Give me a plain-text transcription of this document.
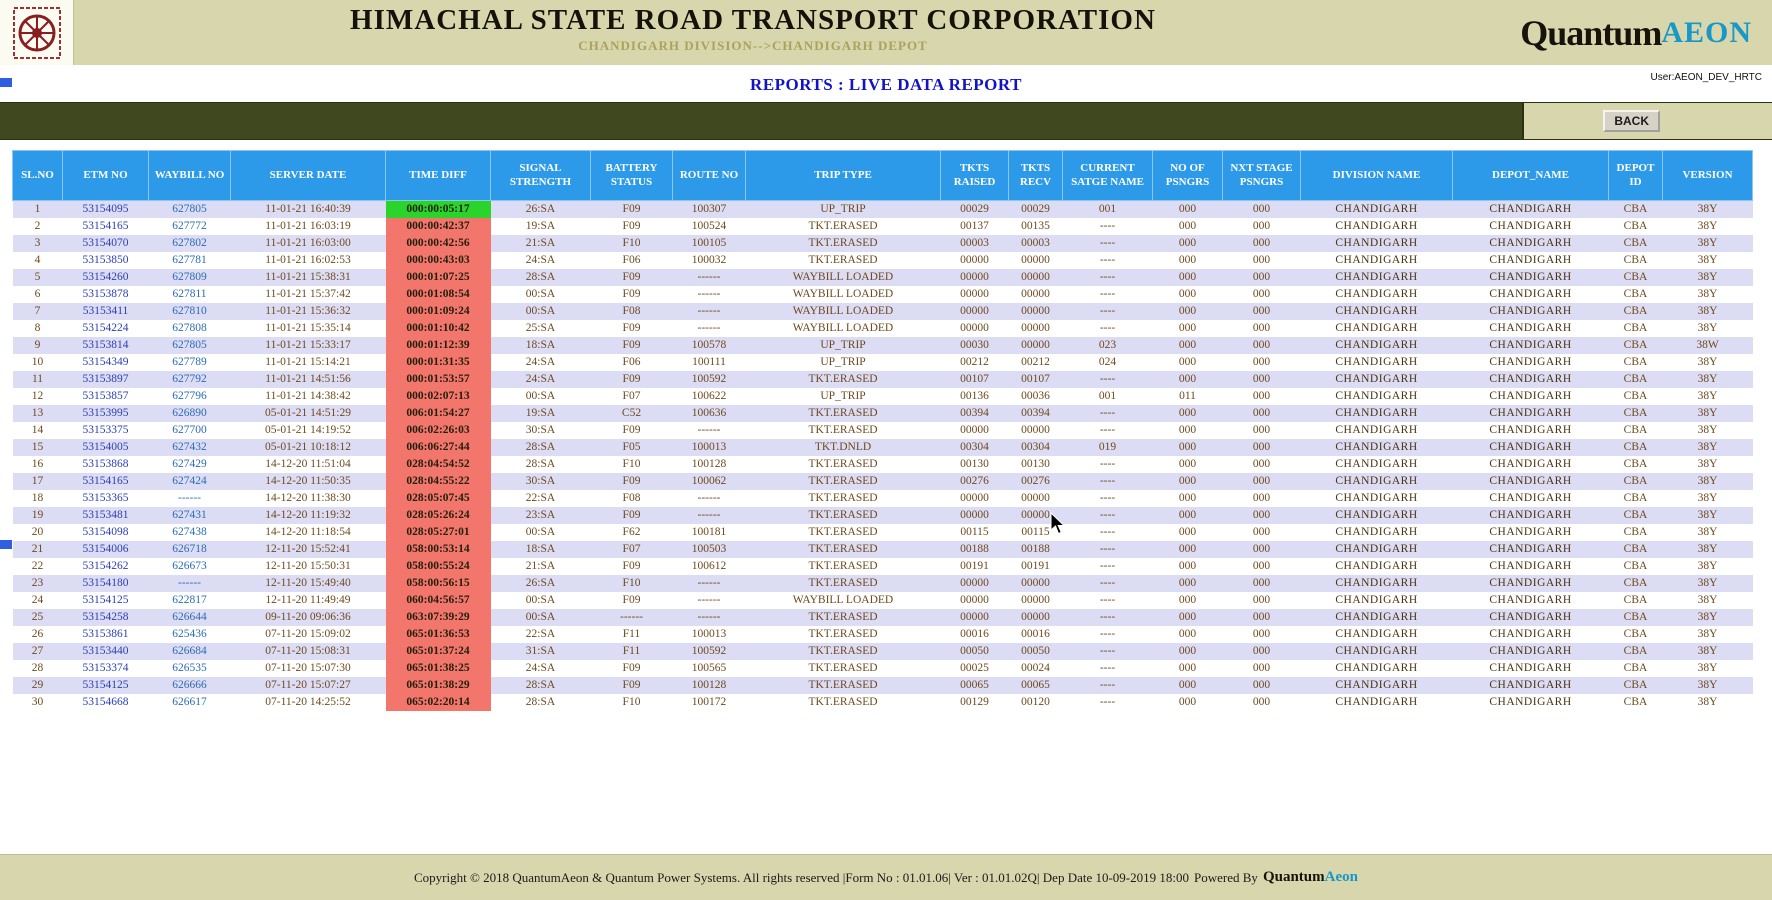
HIMACHAL STATE ROAD TRANSPORT CORPORATION
CHANDIGARH DIVISION-->CHANDIGARH DEPOT	Quantum AEON
REPORTS : LIVE DATA REPORT	User:AEON_DEV_HRTC
BACK
SL.NO	ETM NO	WAYBILL NO	SERVER DATE	TIME DIFF	SIGNAL STRENGTH	BATTERY STATUS	ROUTE NO	TRIP TYPE	TKTS RAISED	TKTS RECV	CURRENT SATGE NAME	NO OF PSNGRS	NXT STAGE PSNGRS	DIVISION NAME	DEPOT_NAME	DEPOT ID	VERSION
1	53154095	627805	11-01-21 16:40:39	000:00:05:17	26:SA	F09	100307	UP_TRIP	00029	00029	001	000	000	CHANDIGARH	CHANDIGARH	CBA	38Y
2	53154165	627772	11-01-21 16:03:19	000:00:42:37	19:SA	F09	100524	TKT.ERASED	00137	00135	----	000	000	CHANDIGARH	CHANDIGARH	CBA	38Y
3	53154070	627802	11-01-21 16:03:00	000:00:42:56	21:SA	F10	100105	TKT.ERASED	00003	00003	----	000	000	CHANDIGARH	CHANDIGARH	CBA	38Y
4	53153850	627781	11-01-21 16:02:53	000:00:43:03	24:SA	F06	100032	TKT.ERASED	00000	00000	----	000	000	CHANDIGARH	CHANDIGARH	CBA	38Y
5	53154260	627809	11-01-21 15:38:31	000:01:07:25	28:SA	F09	------	WAYBILL LOADED	00000	00000	----	000	000	CHANDIGARH	CHANDIGARH	CBA	38Y
6	53153878	627811	11-01-21 15:37:42	000:01:08:54	00:SA	F09	------	WAYBILL LOADED	00000	00000	----	000	000	CHANDIGARH	CHANDIGARH	CBA	38Y
7	53153411	627810	11-01-21 15:36:32	000:01:09:24	00:SA	F08	------	WAYBILL LOADED	00000	00000	----	000	000	CHANDIGARH	CHANDIGARH	CBA	38Y
8	53154224	627808	11-01-21 15:35:14	000:01:10:42	25:SA	F09	------	WAYBILL LOADED	00000	00000	----	000	000	CHANDIGARH	CHANDIGARH	CBA	38Y
9	53153814	627805	11-01-21 15:33:17	000:01:12:39	18:SA	F09	100578	UP_TRIP	00030	00000	023	000	000	CHANDIGARH	CHANDIGARH	CBA	38W
10	53154349	627789	11-01-21 15:14:21	000:01:31:35	24:SA	F06	100111	UP_TRIP	00212	00212	024	000	000	CHANDIGARH	CHANDIGARH	CBA	38Y
11	53153897	627792	11-01-21 14:51:56	000:01:53:57	24:SA	F09	100592	TKT.ERASED	00107	00107	----	000	000	CHANDIGARH	CHANDIGARH	CBA	38Y
12	53153857	627796	11-01-21 14:38:42	000:02:07:13	00:SA	F07	100622	UP_TRIP	00136	00036	001	011	000	CHANDIGARH	CHANDIGARH	CBA	38Y
13	53153995	626890	05-01-21 14:51:29	006:01:54:27	19:SA	C52	100636	TKT.ERASED	00394	00394	----	000	000	CHANDIGARH	CHANDIGARH	CBA	38Y
14	53153375	627700	05-01-21 14:19:52	006:02:26:03	30:SA	F09	------	TKT.ERASED	00000	00000	----	000	000	CHANDIGARH	CHANDIGARH	CBA	38Y
15	53154005	627432	05-01-21 10:18:12	006:06:27:44	28:SA	F05	100013	TKT.DNLD	00304	00304	019	000	000	CHANDIGARH	CHANDIGARH	CBA	38Y
16	53153868	627429	14-12-20 11:51:04	028:04:54:52	28:SA	F10	100128	TKT.ERASED	00130	00130	----	000	000	CHANDIGARH	CHANDIGARH	CBA	38Y
17	53154165	627424	14-12-20 11:50:35	028:04:55:22	30:SA	F09	100062	TKT.ERASED	00276	00276	----	000	000	CHANDIGARH	CHANDIGARH	CBA	38Y
18	53153365	------	14-12-20 11:38:30	028:05:07:45	22:SA	F08	------	TKT.ERASED	00000	00000	----	000	000	CHANDIGARH	CHANDIGARH	CBA	38Y
19	53153481	627431	14-12-20 11:19:32	028:05:26:24	23:SA	F09	------	TKT.ERASED	00000	00000	----	000	000	CHANDIGARH	CHANDIGARH	CBA	38Y
20	53154098	627438	14-12-20 11:18:54	028:05:27:01	00:SA	F62	100181	TKT.ERASED	00115	00115	----	000	000	CHANDIGARH	CHANDIGARH	CBA	38Y
21	53154006	626718	12-11-20 15:52:41	058:00:53:14	18:SA	F07	100503	TKT.ERASED	00188	00188	----	000	000	CHANDIGARH	CHANDIGARH	CBA	38Y
22	53154262	626673	12-11-20 15:50:31	058:00:55:24	21:SA	F09	100612	TKT.ERASED	00191	00191	----	000	000	CHANDIGARH	CHANDIGARH	CBA	38Y
23	53154180	------	12-11-20 15:49:40	058:00:56:15	26:SA	F10	------	TKT.ERASED	00000	00000	----	000	000	CHANDIGARH	CHANDIGARH	CBA	38Y
24	53154125	622817	12-11-20 11:49:49	060:04:56:57	00:SA	F09	------	WAYBILL LOADED	00000	00000	----	000	000	CHANDIGARH	CHANDIGARH	CBA	38Y
25	53154258	626644	09-11-20 09:06:36	063:07:39:29	00:SA	------	------	TKT.ERASED	00000	00000	----	000	000	CHANDIGARH	CHANDIGARH	CBA	38Y
26	53153861	625436	07-11-20 15:09:02	065:01:36:53	22:SA	F11	100013	TKT.ERASED	00016	00016	----	000	000	CHANDIGARH	CHANDIGARH	CBA	38Y
27	53153440	626684	07-11-20 15:08:31	065:01:37:24	31:SA	F11	100592	TKT.ERASED	00050	00050	----	000	000	CHANDIGARH	CHANDIGARH	CBA	38Y
28	53153374	626535	07-11-20 15:07:30	065:01:38:25	24:SA	F09	100565	TKT.ERASED	00025	00024	----	000	000	CHANDIGARH	CHANDIGARH	CBA	38Y
29	53154125	626666	07-11-20 15:07:27	065:01:38:29	28:SA	F09	100128	TKT.ERASED	00065	00065	----	000	000	CHANDIGARH	CHANDIGARH	CBA	38Y
30	53154668	626617	07-11-20 14:25:52	065:02:20:14	28:SA	F10	100172	TKT.ERASED	00129	00120	----	000	000	CHANDIGARH	CHANDIGARH	CBA	38Y
Copyright © 2018 QuantumAeon & Quantum Power Systems. All rights reserved |Form No : 01.01.06| Ver : 01.01.02Q| Dep Date 10-09-2019 18:00 Powered By QuantumAeon
